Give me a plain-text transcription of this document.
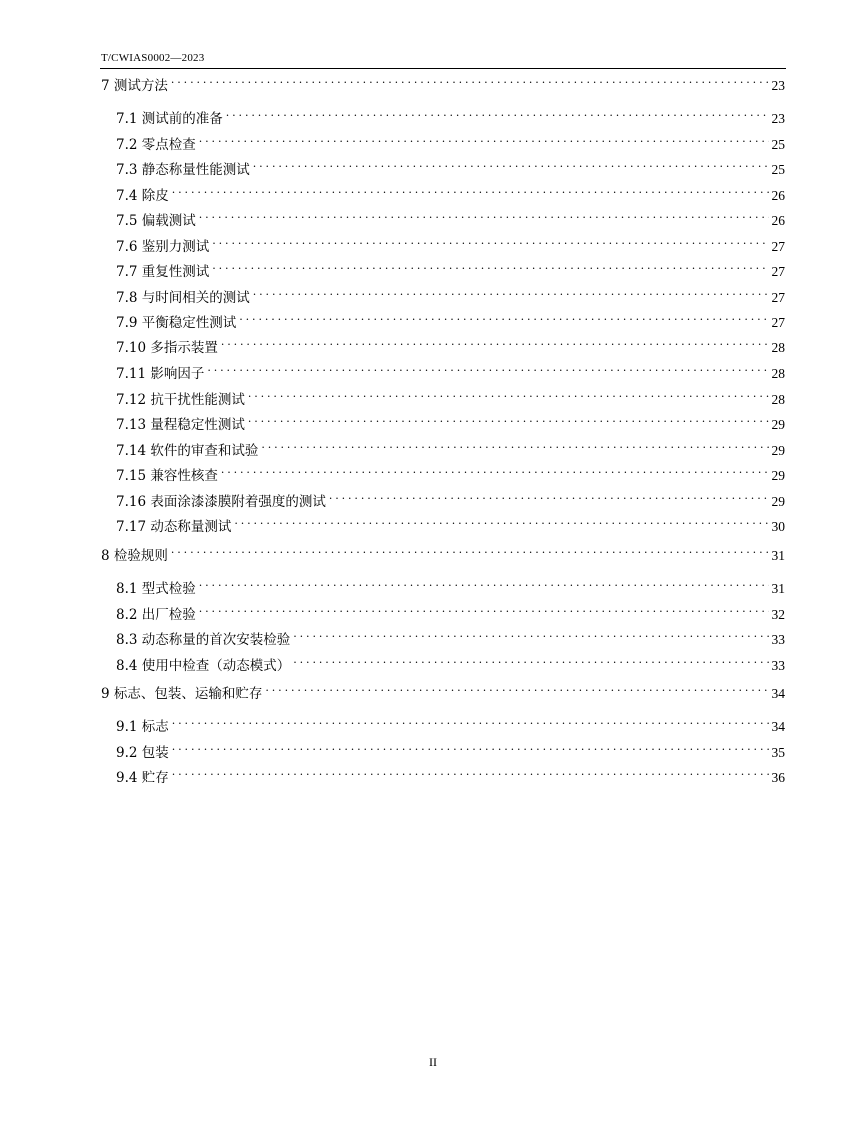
T/CWIAS0002—2023
7 测试方法 . . .	23
7.1 测试前的准备 . . .	23
7.2 零点检查 . . .	25
7.3 静态称量性能测试 . . .	25
7.4 除皮 . . .	26
7.5 偏载测试 . . .	26
7.6 鉴别力测试 . . .	27
7.7 重复性测试 . . .	27
7.8 与时间相关的测试 . . .	27
7.9 平衡稳定性测试 . . .	27
7.10 多指示装置 . . .	28
7.11 影响因子 . . .	28
7.12 抗干扰性能测试 . . .	28
7.13 量程稳定性测试 . . .	29
7.14 软件的审查和试验 . . .	29
7.15 兼容性核查 . . .	29
7.16 表面涂漆漆膜附着强度的测试 . . .	29
7.17 动态称量测试 . . .	30
8 检验规则 . . .	31
8.1 型式检验 . . .	31
8.2 出厂检验 . . .	32
8.3 动态称量的首次安装检验 . . .	33
8.4 使用中检查（动态模式） . . .	33
9 标志、包装、运输和贮存 . . .	34
9.1 标志 . . .	34
9.2 包装 . . .	35
9.4 贮存 . . .	36
II
